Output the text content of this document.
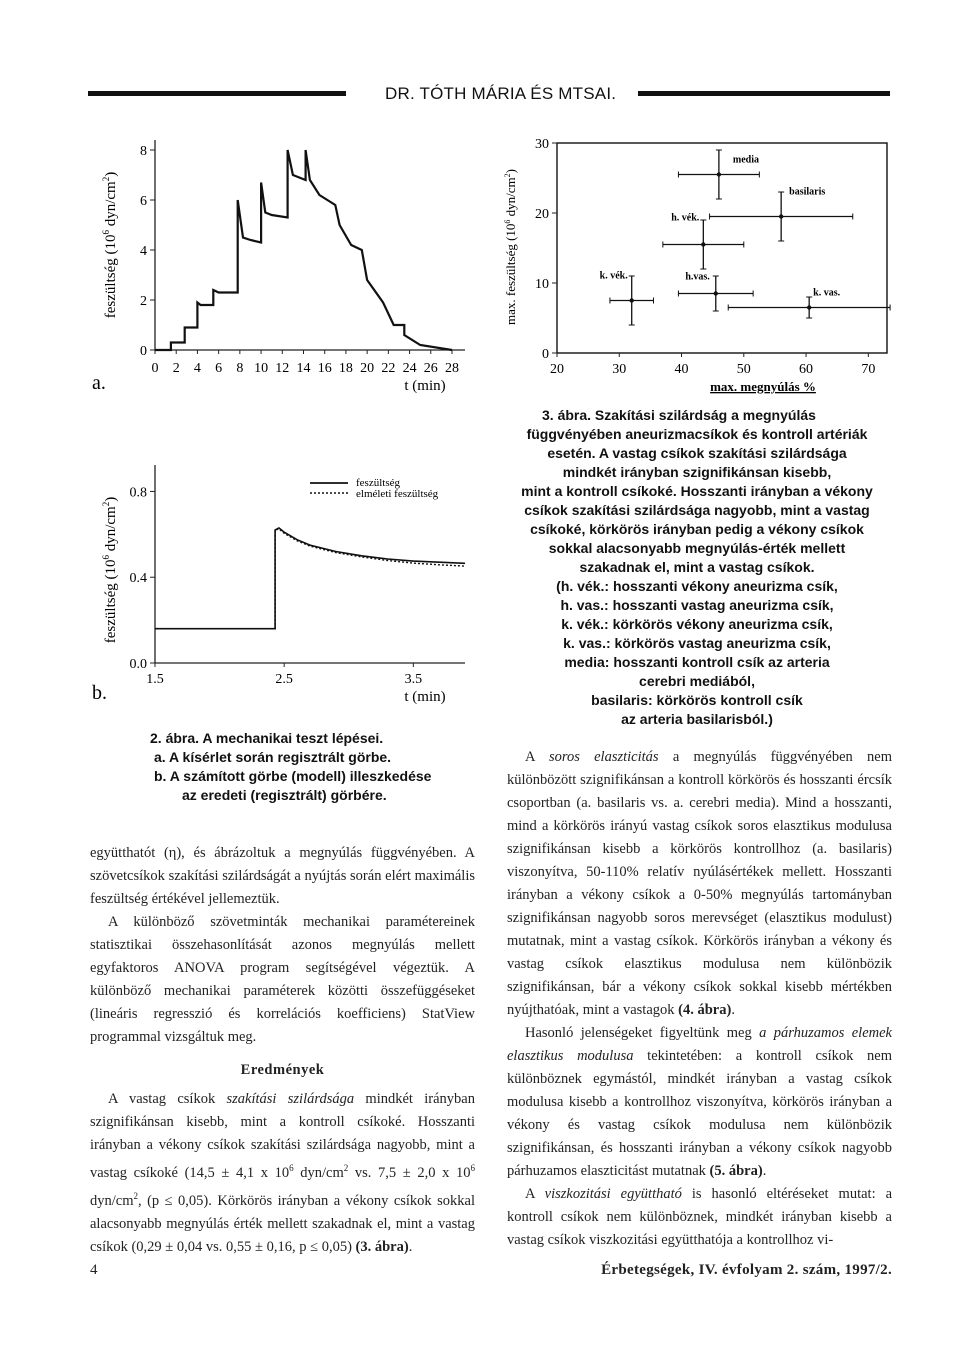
DR. TÓTH MÁRIA ÉS MTSAI.
feszültség ($10^6$ dyn/$cm^2$)
0
2
4
6
8
0 2 4 6 8 10 12 14 16 18 20 22 24 26 28
t (min)
a.
feszültség ($10^6$ dyn/$cm^2$)
0.0
0.4
0.8
1.5	2.5	3.5
feszültség
elméleti feszültség
t (min)
b.
2. ábra. A mechanikai teszt lépései.
a. A kísérlet során regisztrált görbe.
b. A számított görbe (modell) illeszkedése
az eredeti (regisztrált) görbére.
max. feszültség ($10^6$ dyn/$cm^2$)
0
10
20
30
20	30	40	50	60	70
media
basilaris
h. vék.
k. vék.	h.vas.
k. vas.
max. megnyúlás %
3. ábra. Szakítási szilárdság a megnyúlás
függvényében aneurizmacsíkok és kontroll artériák
esetén. A vastag csíkok szakítási szilárdsága
mindkét irányban szignifikánsan kisebb,
mint a kontroll csíkoké. Hosszanti irányban a vékony
csíkok szakítási szilárdsága nagyobb, mint a vastag
csíkoké, körkörös irányban pedig a vékony csíkok
sokkal alacsonyabb megnyúlás-érték mellett
szakadnak el, mint a vastag csíkok.
(h. vék.: hosszanti vékony aneurizma csík,
h. vas.: hosszanti vastag aneurizma csík,
k. vék.: körkörös vékony aneurizma csík,
k. vas.: körkörös vastag aneurizma csík,
media: hosszanti kontroll csík az arteria
cerebri mediából,
basilaris: körkörös kontroll csík
az arteria basilarisból.)

együtthatót (η), és ábrázoltuk a megnyúlás függvényében. A szövetcsíkok szakítási szilárdságát a nyújtás során elért maximális feszültség értékével jellemeztük.

A különböző szövetminták mechanikai paramétereinek statisztikai összehasonlítását azonos megnyúlás mellett egyfaktoros ANOVA program segítségével végeztük. A különböző mechanikai paraméterek közötti összefüggéseket (lineáris regresszió és korrelációs koefficiens) StatView programmal vizsgáltuk meg.

Eredmények

A vastag csíkok szakítási szilárdsága mindkét irányban szignifikánsan kisebb, mint a kontroll csíkoké. Hosszanti irányban a vékony csíkok szakítási szilárdsága nagyobb, mint a vastag csíkoké (14,5 ± 4,1 x $10^6$ dyn/$cm^2$ vs. 7,5 ± 2,0 x $10^6$ dyn/$cm^2$, (p ≤ 0,05). Körkörös irányban a vékony csíkok sokkal alacsonyabb megnyúlás érték mellett szakadnak el, mint a vastag csíkok (0,29 ± 0,04 vs. 0,55 ± 0,16, p ≤ 0,05) (3. ábra).

A soros elaszticitás a megnyúlás függvényében nem különbözött szignifikánsan a kontroll körkörös és hosszanti ércsík csoportban (a. basilaris vs. a. cerebri media). Mind a hosszanti, mind a körkörös irányú vastag csíkok soros elasztikus modulusa szignifikánsan kisebb a körkörös kontrollhoz (a. basilaris) viszonyítva, 50-110% relatív nyúlásértékek mellett. Hosszanti irányban a vékony csíkok a 0-50% megnyúlás tartományban szignifikánsan nagyobb soros merevséget (elasztikus modulust) mutatnak, mint a vastag csíkok. Körkörös irányban a vékony és vastag csíkok elasztikus modulusa nem különbözik szignifikánsan, bár a vékony csíkok sokkal kisebb mértékben nyújthatóak, mint a vastagok (4. ábra).

Hasonló jelenségeket figyeltünk meg a párhuzamos elemek elasztikus modulusa tekintetében: a kontroll csíkok nem különböznek egymástól, mindkét irányban a vastag csíkok modulusa kisebb a kontrollhoz viszonyítva, körkörös irányban a vékony és vastag csíkok modulusa nem különbözik szignifikánsan, és hosszanti irányban a vékony csíkok nagyobb párhuzamos elaszticitást mutatnak (5. ábra).

A viszkozitási együttható is hasonló eltéréseket mutat: a kontroll csíkok nem különböznek, mindkét irányban kisebb a vastag csíkok viszkozitási együtthatója a kontrollhoz vi-

4	Érbetegségek, IV. évfolyam 2. szám, 1997/2.
